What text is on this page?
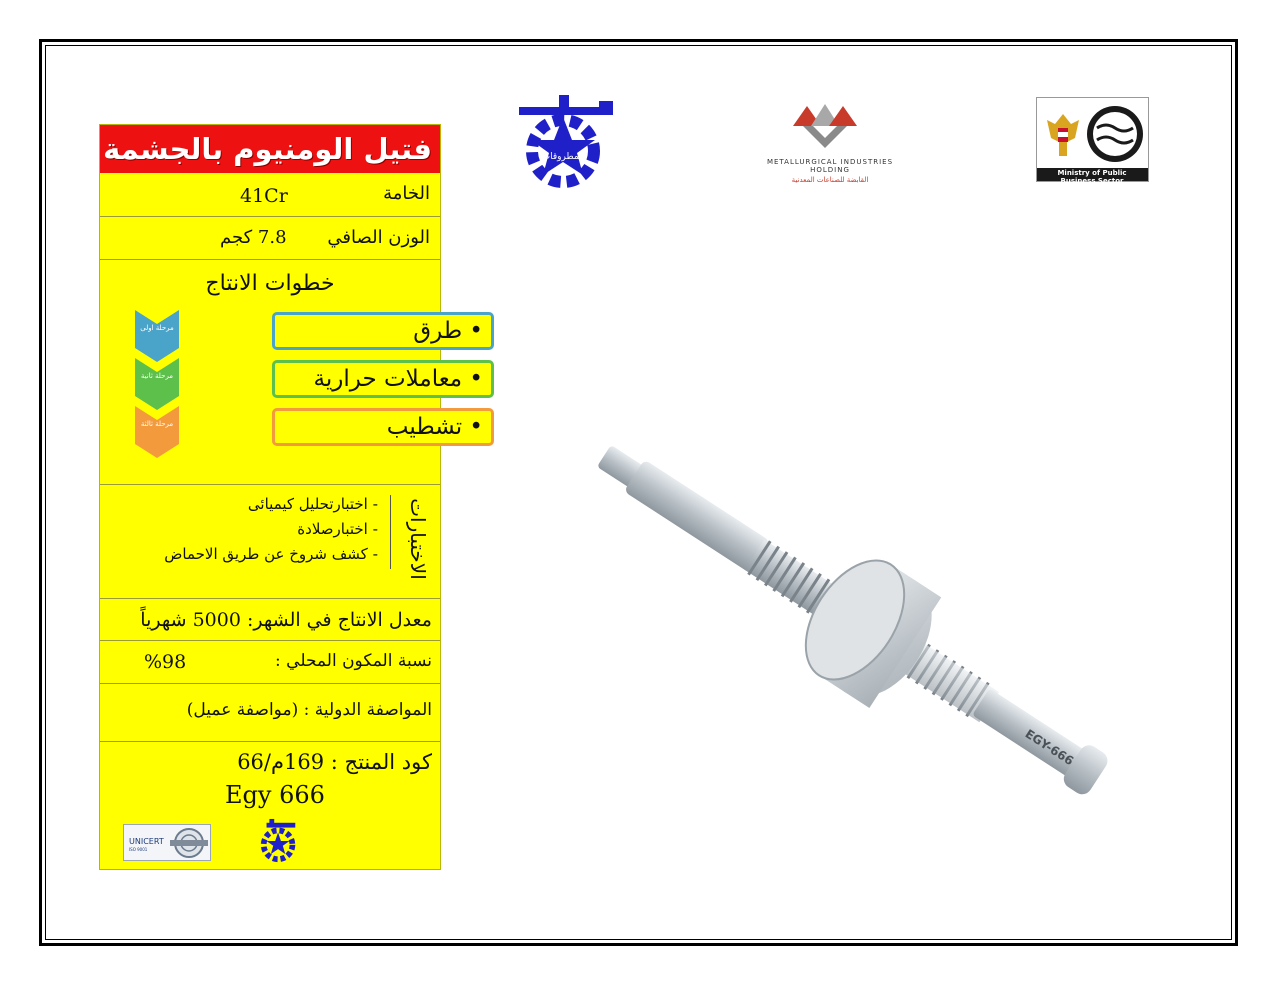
فتيل الومنيوم بالجشمة
الخامة
41Cr
الوزن الصافي
7.8 كجم
خطوات الانتاج
مرحلة اولى	• طرق
مرحلة ثانية	• معاملات حرارية
مرحلة ثالثة	• تشطيب
الاختبارات
- اختبارتحليل كيميائى
- اختبارصلادة
- كشف شروخ عن طريق الاحماض
معدل الانتاج في الشهر: 5000 شهرياً
نسبة المكون المحلي :
%98
المواصفة الدولية : (مواصفة عميل)
كود المنتج : 169م/66
Egy 666
UNICERT
ISO 9001
المطروقات	METALLURGICAL INDUSTRIES HOLDING
القابضة للصناعات المعدنية
Ministry of Public Business Sector
EGY-666
